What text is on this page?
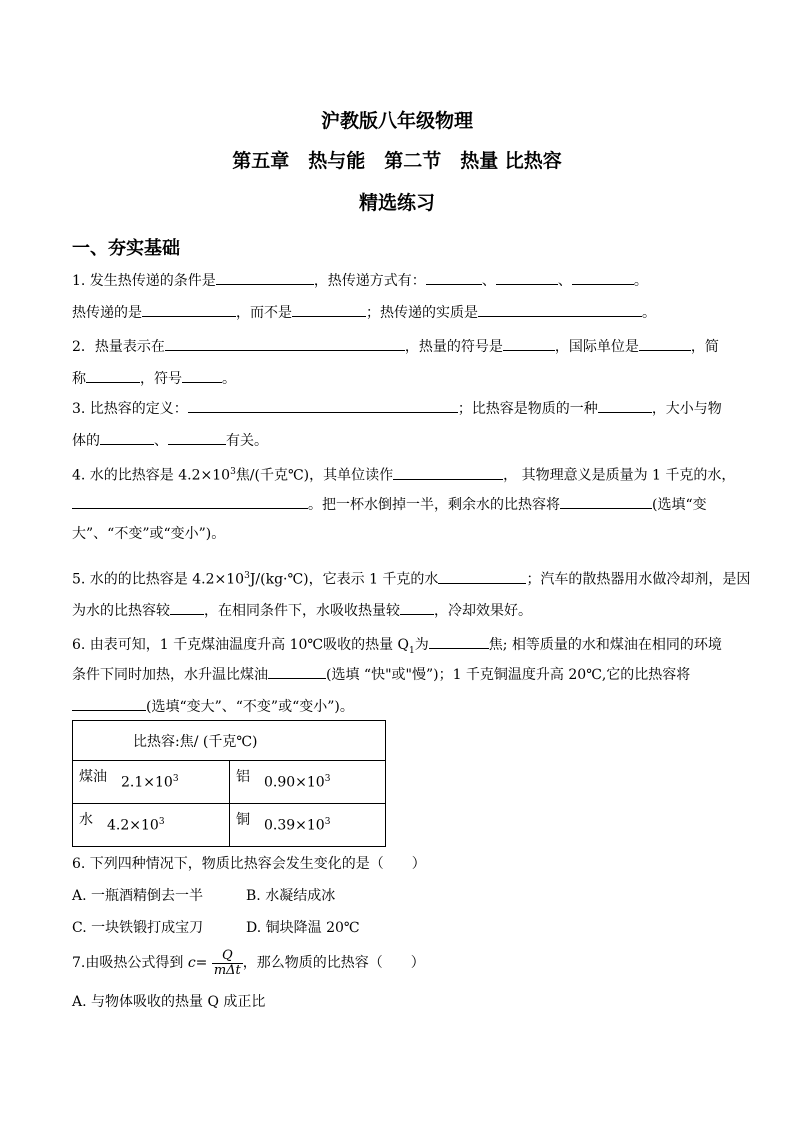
沪教版八年级物理
第五章　热与能　第二节　热量 比热容
精选练习
一、夯实基础
1. 发生热传递的条件是	，热传递方式有：	、	、	。
热传递的是	，而不是	；热传递的实质是	。
2．热量表示在	，热量的符号是	，国际单位是	，简
称	，符号	。
3. 比热容的定义：	；比热容是物质的一种	，大小与物
体的	、	有关。
4. 水的比热容是 $4.2\times 10^3$焦/(千克℃)，其单位读作	， 其物理意义是质量为 1 千克的水，
。把一杯水倒掉一半，剩余水的比热容将	(选填“变
大”、“不变”或“变小”)。
5. 水的的比热容是 $4.2\times 10^3J/(kg\cdot℃)$，它表示 1 千克的水	；汽车的散热器用水做冷却剂，是因
为水的比热容较 ，在相同条件下，水吸收热量较 ，冷却效果好。
6. 由表可知，1 千克煤油温度升高 10℃吸收的热量 $Q_1$为	焦; 相等质量的水和煤油在相同的环境
条件下同时加热，水升温比煤油	(选填 “快"或"慢”)；1 千克铜温度升高 20℃,它的比热容将
(选填“变大”、“不变”或“变小”)。
比热容:焦/ (千克℃)	

煤油 $2.1\times 10^3$	铝 $0.90\times 10^3$

水 $4.2\times 10^3$	铜 $0.39\times 10^3$
6. 下列四种情况下，物质比热容会发生变化的是（　　）
A. 一瓶酒精倒去一半	B. 水凝结成冰
C. 一块铁锻打成宝刀	D. 铜块降温 20℃
7.由吸热公式得到 $c= \frac{Q}{\text{mΔt}}$ ，那么物质的比热容（　　）
A. 与物体吸收的热量 Q 成正比
